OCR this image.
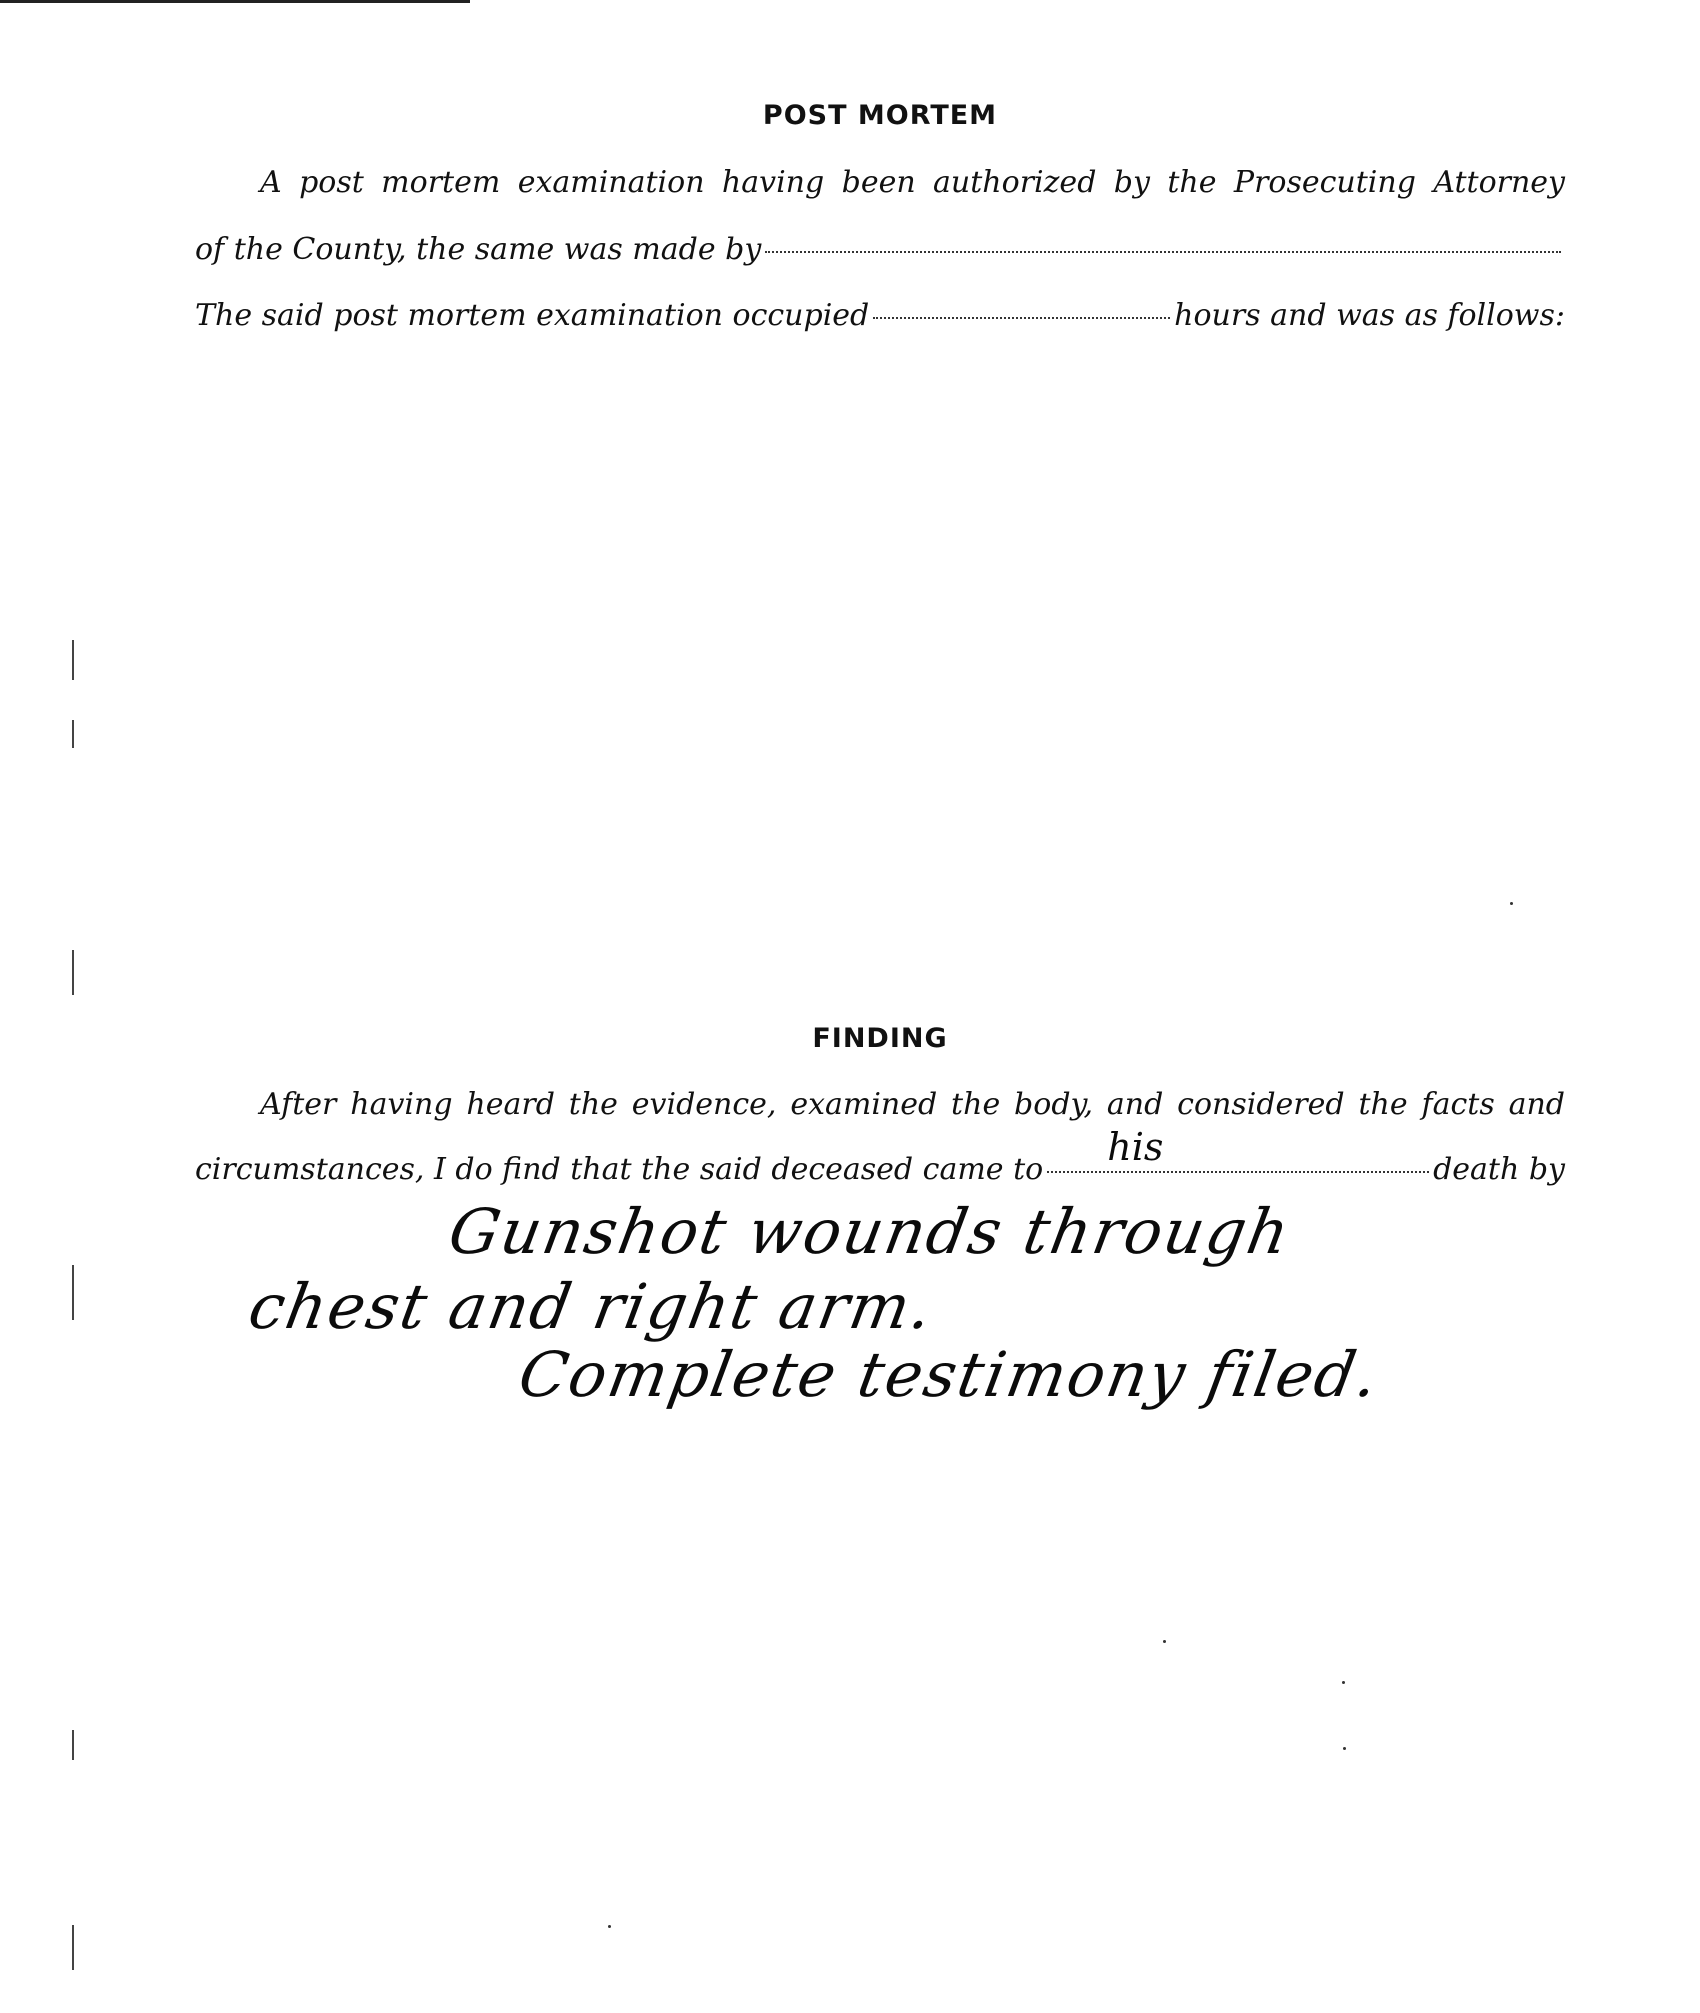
POST MORTEM
A post mortem examination having been authorized by the Prosecuting Attorney
of the County, the same was made by
The said post mortem examination occupied	hours and was as follows:
FINDING
After having heard the evidence, examined the body, and considered the facts and
circumstances, I do find that the said deceased came to
his
death by
Gunshot wounds through
chest and right arm.
Complete testimony filed.
